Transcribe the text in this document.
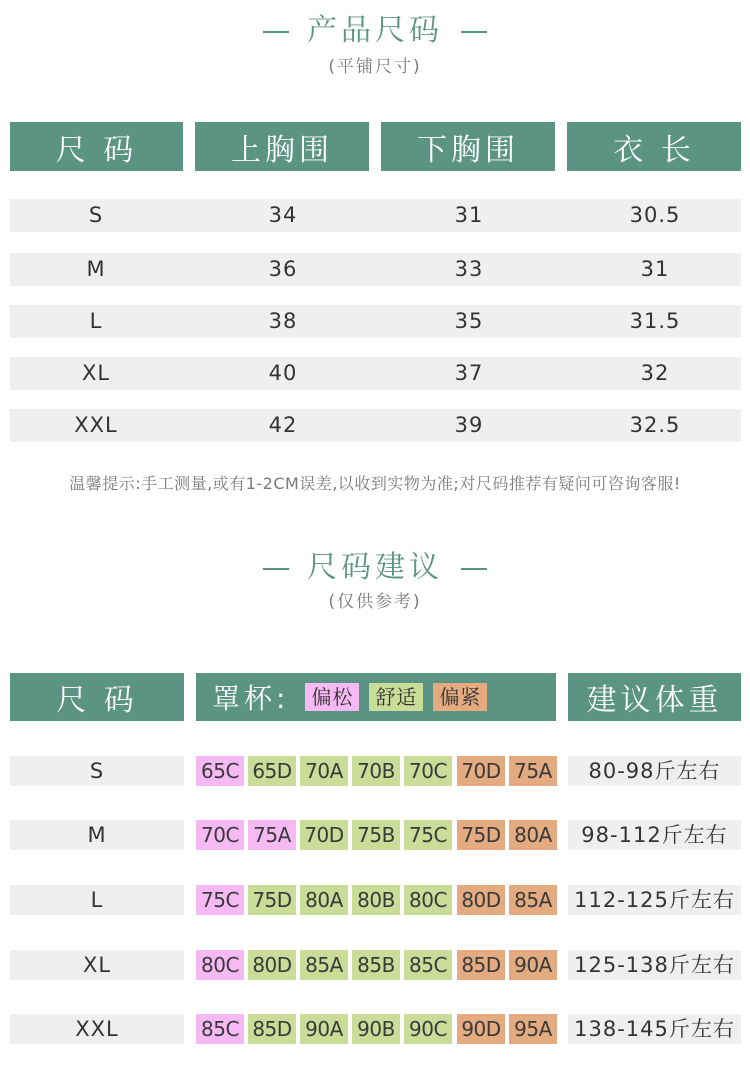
产品尺码
(平铺尺寸)
尺 码	上胸围	下胸围	衣 长
S	34	31	30.5
M	36	33	31
L	38	35	31.5
XL	40	37	32
XXL	42	39	32.5
温馨提示:手工测量,或有1-2CM误差,以收到实物为准;对尺码推荐有疑问可咨询客服!
尺码建议
(仅供参考)
尺 码	罩杯:	偏松	舒适	偏紧	建议体重
S	65C 65D 70A 70B 70C 70D 75A	80-98斤左右
M	70C 75A 70D 75B 75C 75D 80A	98-112斤左右
L	75C 75D 80A 80B 80C 80D 85A 112-125斤左右
XL	80C 80D 85A 85B 85C 85D 90A 125-138斤左右
XXL	85C 85D 90A 90B 90C 90D 95A 138-145斤左右
